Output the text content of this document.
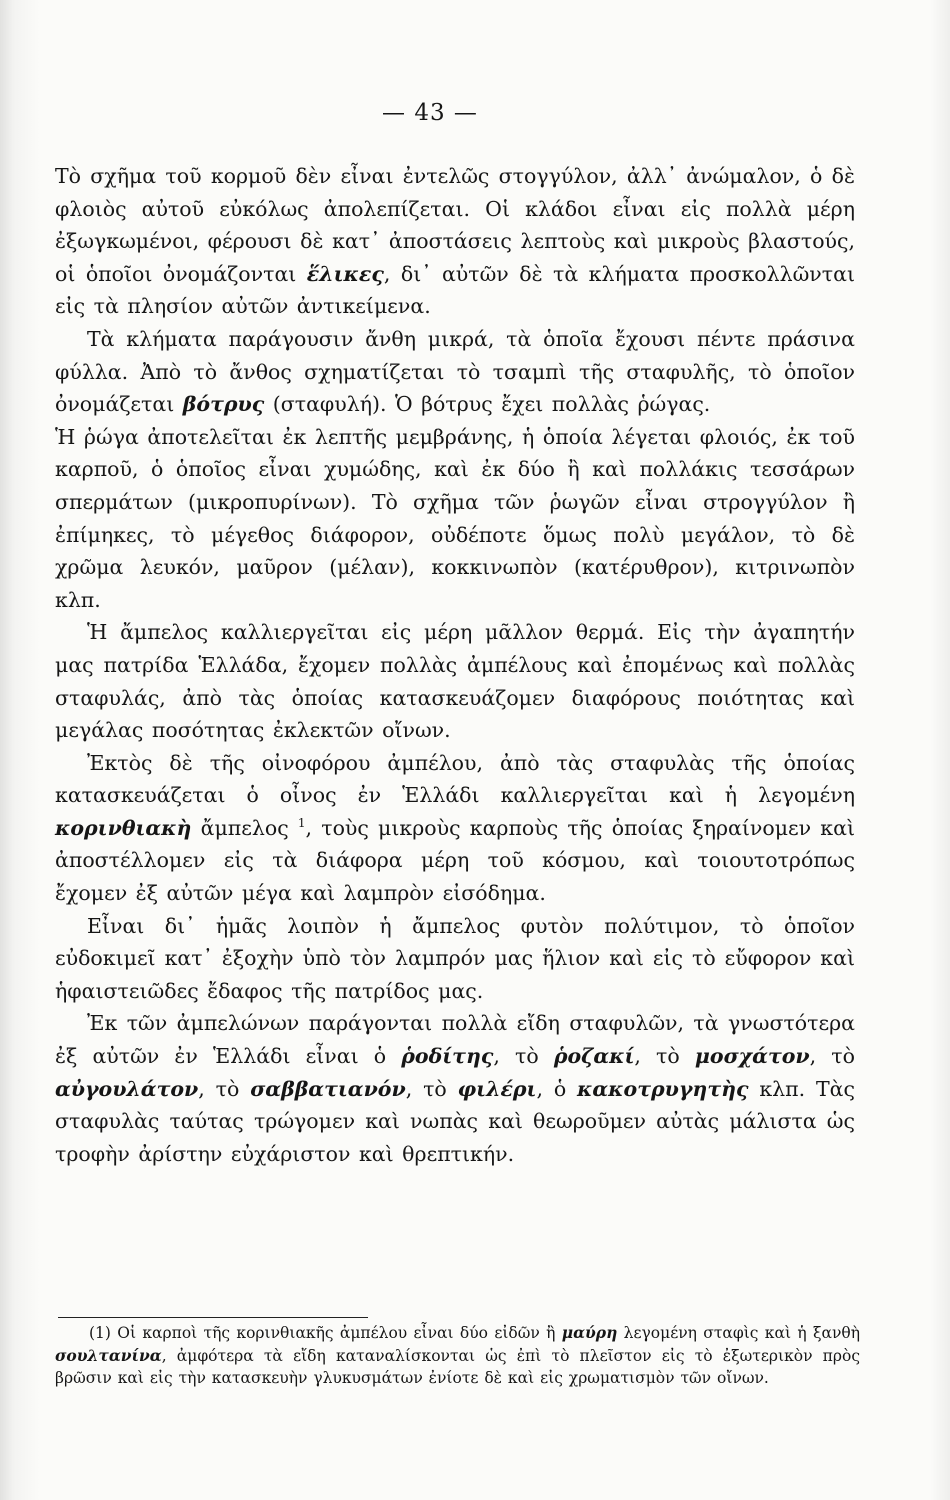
— 43 —

Τὸ σχῆμα τοῦ κορμοῦ δὲν εἶναι ἐντελῶς στογγύλον, ἀλλ᾽ ἀνώμαλον, ὁ δὲ φλοιὸς αὐτοῦ εὐκόλως ἀπολεπίζεται. Οἱ κλάδοι εἶναι εἰς πολλὰ μέρη ἐξωγκωμένοι, φέρουσι δὲ κατ᾽ ἀποστάσεις λεπτοὺς καὶ μικροὺς βλαστούς, οἱ ὁποῖοι ὀνομάζονται ἕλικες, δι᾽ αὐτῶν δὲ τὰ κλήματα προσκολλῶνται εἰς τὰ πλησίον αὐτῶν ἀντικείμενα.

Τὰ κλήματα παράγουσιν ἄνθη μικρά, τὰ ὁποῖα ἔχουσι πέντε πράσινα φύλλα. Ἀπὸ τὸ ἄνθος σχηματίζεται τὸ τσαμπὶ τῆς σταφυλῆς, τὸ ὁποῖον ὀνομάζεται βότρυς (σταφυλή). Ὁ βότρυς ἔχει πολλὰς ῥώγας.

Ἡ ῥώγα ἀποτελεῖται ἐκ λεπτῆς μεμβράνης, ἡ ὁποία λέγεται φλοιός, ἐκ τοῦ καρποῦ, ὁ ὁποῖος εἶναι χυμώδης, καὶ ἐκ δύο ἢ καὶ πολλάκις τεσσάρων σπερμάτων (μικροπυρίνων). Τὸ σχῆμα τῶν ῥωγῶν εἶναι στρογγύλον ἢ ἐπίμηκες, τὸ μέγεθος διάφορον, οὐδέποτε ὅμως πολὺ μεγάλον, τὸ δὲ χρῶμα λευκόν, μαῦρον (μέλαν), κοκκινωπὸν (κατέρυθρον), κιτρινωπὸν κλπ.

Ἡ ἄμπελος καλλιεργεῖται εἰς μέρη μᾶλλον θερμά. Εἰς τὴν ἀγαπητήν μας πατρίδα Ἑλλάδα, ἔχομεν πολλὰς ἀμπέλους καὶ ἐπομένως καὶ πολλὰς σταφυλάς, ἀπὸ τὰς ὁποίας κατασκευάζομεν διαφόρους ποιότητας καὶ μεγάλας ποσότητας ἐκλεκτῶν οἴνων.

Ἐκτὸς δὲ τῆς οἰνοφόρου ἀμπέλου, ἀπὸ τὰς σταφυλὰς τῆς ὁποίας κατασκευάζεται ὁ οἶνος ἐν Ἑλλάδι καλλιεργεῖται καὶ ἡ λεγομένη κορινθιακὴ ἄμπελος $^1$, τοὺς μικροὺς καρποὺς τῆς ὁποίας ξηραίνομεν καὶ ἀποστέλλομεν εἰς τὰ διάφορα μέρη τοῦ κόσμου, καὶ τοιουτοτρόπως ἔχομεν ἐξ αὐτῶν μέγα καὶ λαμπρὸν εἰσόδημα.

Εἶναι δι᾽ ἡμᾶς λοιπὸν ἡ ἄμπελος φυτὸν πολύτιμον, τὸ ὁποῖον εὐδοκιμεῖ κατ᾽ ἐξοχὴν ὑπὸ τὸν λαμπρόν μας ἥλιον καὶ εἰς τὸ εὔφορον καὶ ἡφαιστειῶδες ἔδαφος τῆς πατρίδος μας.

Ἐκ τῶν ἀμπελώνων παράγονται πολλὰ εἴδη σταφυλῶν, τὰ γνωστότερα ἐξ αὐτῶν ἐν Ἑλλάδι εἶναι ὁ ῥοδίτης, τὸ ῥοζακί, τὸ μοσχάτον, τὸ αὐγουλάτον, τὸ σαββατιανόν, τὸ φιλέρι, ὁ κακοτρυγητὴς κλπ. Τὰς σταφυλὰς ταύτας τρώγομεν καὶ νωπὰς καὶ θεωροῦμεν αὐτὰς μάλιστα ὡς τροφὴν ἀρίστην εὐχάριστον καὶ θρεπτικήν.

(1) Οἱ καρποὶ τῆς κορινθιακῆς ἀμπέλου εἶναι δύο εἰδῶν ἢ μαύρη λεγομένη σταφὶς καὶ ἡ ξανθὴ σουλτανίνα, ἀμφότερα τὰ εἴδη καταναλίσκονται ὡς ἐπὶ τὸ πλεῖστον εἰς τὸ ἐξωτερικὸν πρὸς βρῶσιν καὶ εἰς τὴν κατασκευὴν γλυκυσμάτων ἐνίοτε δὲ καὶ εἰς χρωματισμὸν τῶν οἴνων.
